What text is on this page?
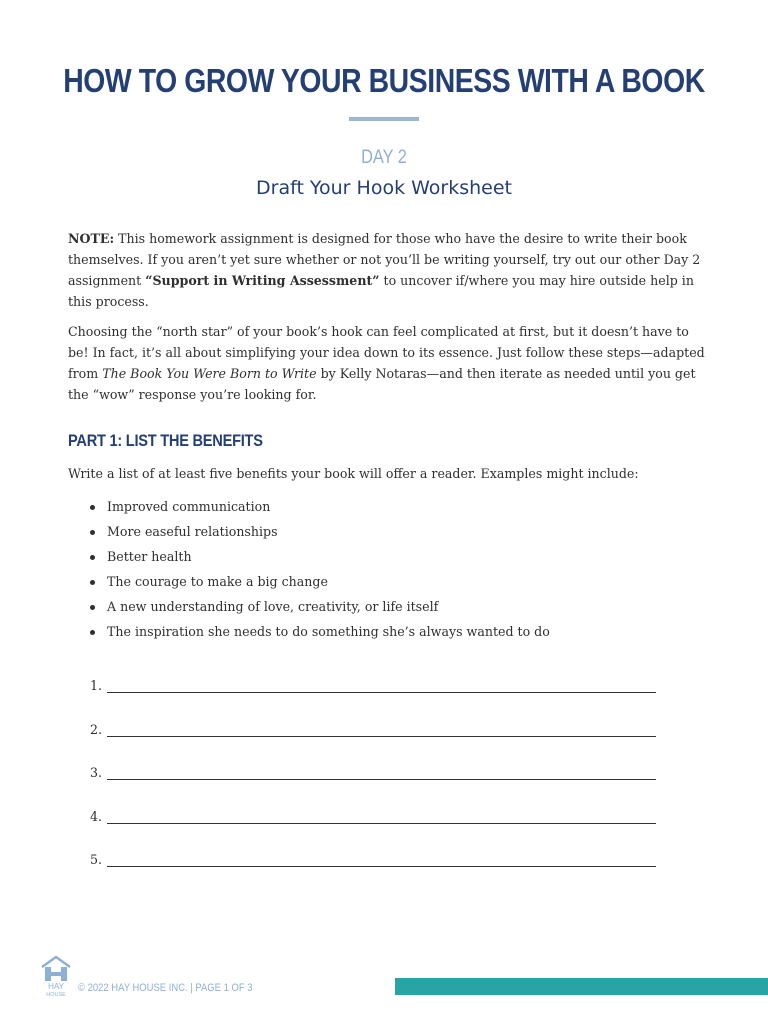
HOW TO GROW YOUR BUSINESS WITH A BOOK
DAY 2
Draft Your Hook Worksheet
NOTE: This homework assignment is designed for those who have the desire to write their book themselves. If you aren’t yet sure whether or not you’ll be writing yourself, try out our other Day 2 assignment “Support in Writing Assessment” to uncover if/where you may hire outside help in this process.
Choosing the “north star” of your book’s hook can feel complicated at first, but it doesn’t have to be! In fact, it’s all about simplifying your idea down to its essence. Just follow these steps—adapted from The Book You Were Born to Write by Kelly Notaras—and then iterate as needed until you get the “wow” response you’re looking for.
PART 1: LIST THE BENEFITS
Write a list of at least five benefits your book will offer a reader. Examples might include:
Improved communication
More easeful relationships
Better health
The courage to make a big change
A new understanding of love, creativity, or life itself
The inspiration she needs to do something she’s always wanted to do
1.
2.
3.
4.
5.
HAY
HOUSE
© 2022 HAY HOUSE INC. | PAGE 1 OF 3
